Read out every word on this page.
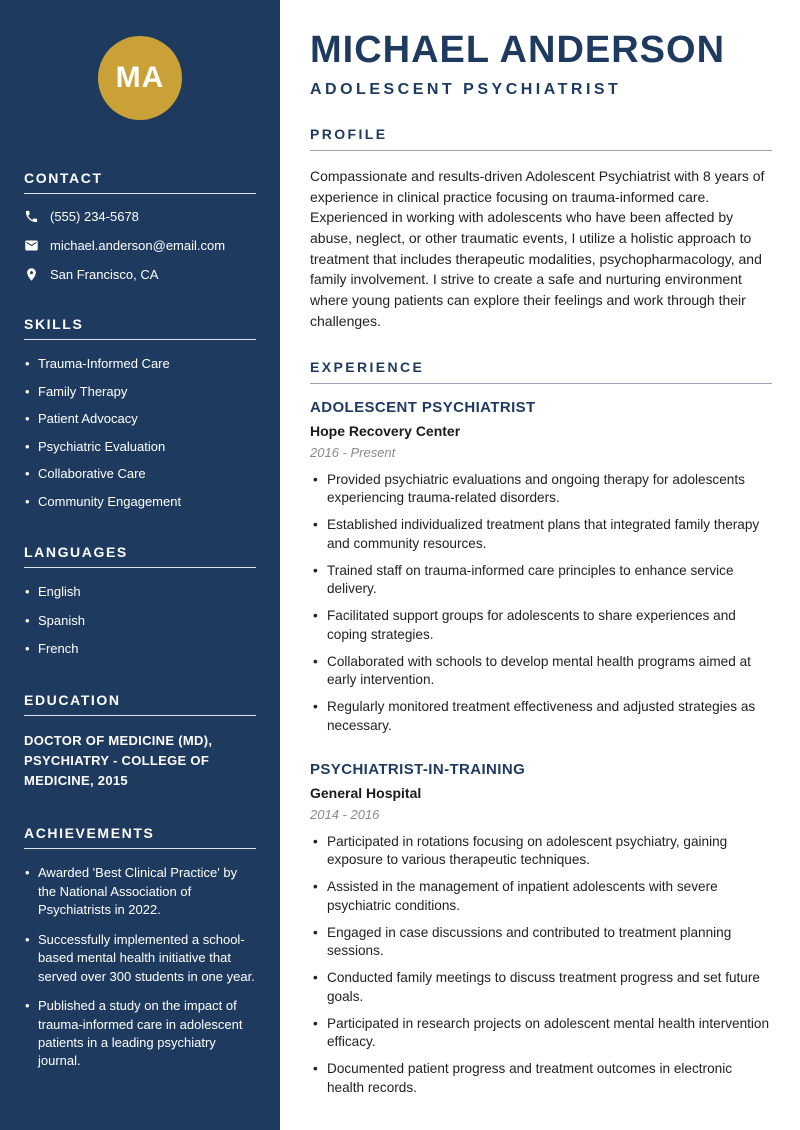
MA
CONTACT
(555) 234-5678
michael.anderson@email.com
San Francisco, CA
SKILLS
• Trauma-Informed Care
• Family Therapy
• Patient Advocacy
• Psychiatric Evaluation
• Collaborative Care
• Community Engagement
LANGUAGES
• English
• Spanish
• French
EDUCATION
DOCTOR OF MEDICINE (MD), PSYCHIATRY - COLLEGE OF MEDICINE, 2015
ACHIEVEMENTS
• Awarded 'Best Clinical Practice' by the National Association of Psychiatrists in 2022.
• Successfully implemented a school-based mental health initiative that served over 300 students in one year.
• Published a study on the impact of trauma-informed care in adolescent patients in a leading psychiatry journal.
MICHAEL ANDERSON
ADOLESCENT PSYCHIATRIST
PROFILE

Compassionate and results-driven Adolescent Psychiatrist with 8 years of experience in clinical practice focusing on trauma-informed care. Experienced in working with adolescents who have been affected by abuse, neglect, or other traumatic events, I utilize a holistic approach to treatment that includes therapeutic modalities, psychopharmacology, and family involvement. I strive to create a safe and nurturing environment where young patients can explore their feelings and work through their challenges.

EXPERIENCE
ADOLESCENT PSYCHIATRIST
Hope Recovery Center
2016 - Present
• Provided psychiatric evaluations and ongoing therapy for adolescents experiencing trauma-related disorders.
• Established individualized treatment plans that integrated family therapy and community resources.
• Trained staff on trauma-informed care principles to enhance service delivery.
• Facilitated support groups for adolescents to share experiences and coping strategies.
• Collaborated with schools to develop mental health programs aimed at early intervention.
• Regularly monitored treatment effectiveness and adjusted strategies as necessary.
PSYCHIATRIST-IN-TRAINING
General Hospital
2014 - 2016
• Participated in rotations focusing on adolescent psychiatry, gaining exposure to various therapeutic techniques.
• Assisted in the management of inpatient adolescents with severe psychiatric conditions.
• Engaged in case discussions and contributed to treatment planning sessions.
• Conducted family meetings to discuss treatment progress and set future goals.
• Participated in research projects on adolescent mental health intervention efficacy.
• Documented patient progress and treatment outcomes in electronic health records.
